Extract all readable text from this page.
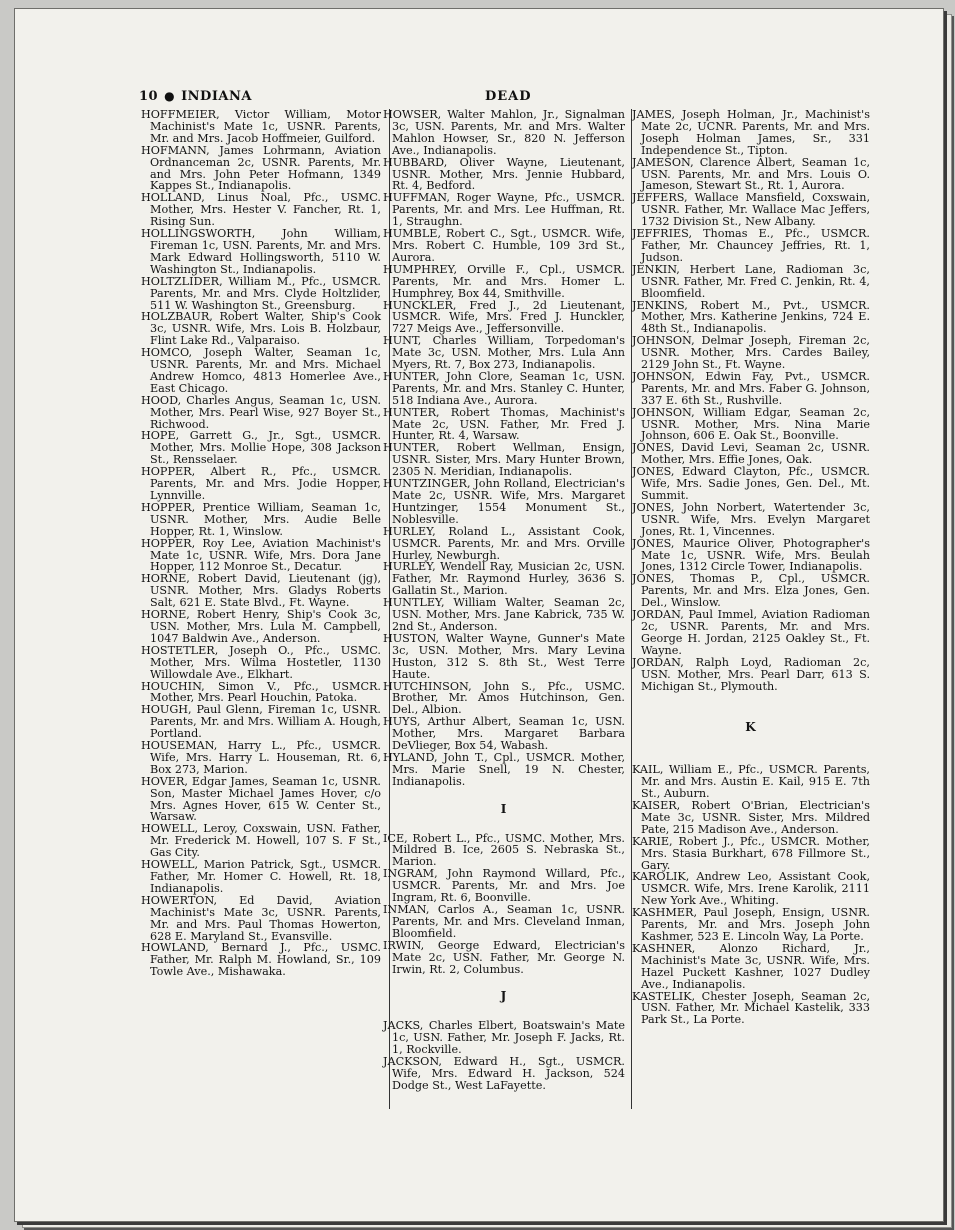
10 ● INDIANA	DEAD

HOFFMEIER, Victor William, Motor Machinist's Mate 1c, USNR. Parents, Mr. and Mrs. Jacob Hoffmeier, Guilford.

HOFMANN, James Lohrmann, Aviation Ordnanceman 2c, USNR. Parents, Mr. and Mrs. John Peter Hofmann, 1349 Kappes St., Indianapolis.

HOLLAND, Linus Noal, Pfc., USMC. Mother, Mrs. Hester V. Fancher, Rt. 1, Rising Sun.

HOLLINGSWORTH, John William, Fireman 1c, USN. Parents, Mr. and Mrs. Mark Edward Hollingsworth, 5110 W. Washington St., Indianapolis.

HOLTZLIDER, William M., Pfc., USMCR. Parents, Mr. and Mrs. Clyde Holtzlider, 511 W. Washington St., Greensburg.

HOLZBAUR, Robert Walter, Ship's Cook 3c, USNR. Wife, Mrs. Lois B. Holzbaur, Flint Lake Rd., Valparaiso.

HOMCO, Joseph Walter, Seaman 1c, USNR. Parents, Mr. and Mrs. Michael Andrew Homco, 4813 Homerlee Ave., East Chicago.

HOOD, Charles Angus, Seaman 1c, USN. Mother, Mrs. Pearl Wise, 927 Boyer St., Richwood.

HOPE, Garrett G., Jr., Sgt., USMCR. Mother, Mrs. Mollie Hope, 308 Jackson St., Rensselaer.

HOPPER, Albert R., Pfc., USMCR. Parents, Mr. and Mrs. Jodie Hopper, Lynnville.

HOPPER, Prentice William, Seaman 1c, USNR. Mother, Mrs. Audie Belle Hopper, Rt. 1, Winslow.

HOPPER, Roy Lee, Aviation Machinist's Mate 1c, USNR. Wife, Mrs. Dora Jane Hopper, 112 Monroe St., Decatur.

HORNE, Robert David, Lieutenant (jg), USNR. Mother, Mrs. Gladys Roberts Salt, 621 E. State Blvd., Ft. Wayne.

HORNE, Robert Henry, Ship's Cook 3c, USN. Mother, Mrs. Lula M. Campbell, 1047 Baldwin Ave., Anderson.

HOSTETLER, Joseph O., Pfc., USMC. Mother, Mrs. Wilma Hostetler, 1130 Willowdale Ave., Elkhart.

HOUCHIN, Simon V., Pfc., USMCR. Mother, Mrs. Pearl Houchin, Patoka.

HOUGH, Paul Glenn, Fireman 1c, USNR. Parents, Mr. and Mrs. William A. Hough, Portland.

HOUSEMAN, Harry L., Pfc., USMCR. Wife, Mrs. Harry L. Houseman, Rt. 6, Box 273, Marion.

HOVER, Edgar James, Seaman 1c, USNR. Son, Master Michael James Hover, c/o Mrs. Agnes Hover, 615 W. Center St., Warsaw.

HOWELL, Leroy, Coxswain, USN. Father, Mr. Frederick M. Howell, 107 S. F St., Gas City.

HOWELL, Marion Patrick, Sgt., USMCR. Father, Mr. Homer C. Howell, Rt. 18, Indianapolis.

HOWERTON, Ed David, Aviation Machinist's Mate 3c, USNR. Parents, Mr. and Mrs. Paul Thomas Howerton, 628 E. Maryland St., Evansville.

HOWLAND, Bernard J., Pfc., USMC. Father, Mr. Ralph M. Howland, Sr., 109 Towle Ave., Mishawaka.

HOWSER, Walter Mahlon, Jr., Signalman 3c, USN. Parents, Mr. and Mrs. Walter Mahlon Howser, Sr., 820 N. Jefferson Ave., Indianapolis.

HUBBARD, Oliver Wayne, Lieutenant, USNR. Mother, Mrs. Jennie Hubbard, Rt. 4, Bedford.

HUFFMAN, Roger Wayne, Pfc., USMCR. Parents, Mr. and Mrs. Lee Huffman, Rt. 1, Straughn.

HUMBLE, Robert C., Sgt., USMCR. Wife, Mrs. Robert C. Humble, 109 3rd St., Aurora.

HUMPHREY, Orville F., Cpl., USMCR. Parents, Mr. and Mrs. Homer L. Humphrey, Box 44, Smithville.

HUNCKLER, Fred J., 2d Lieutenant, USMCR. Wife, Mrs. Fred J. Hunckler, 727 Meigs Ave., Jeffersonville.

HUNT, Charles William, Torpedoman's Mate 3c, USN. Mother, Mrs. Lula Ann Myers, Rt. 7, Box 273, Indianapolis.

HUNTER, John Clore, Seaman 1c, USN. Parents, Mr. and Mrs. Stanley C. Hunter, 518 Indiana Ave., Aurora.

HUNTER, Robert Thomas, Machinist's Mate 2c, USN. Father, Mr. Fred J. Hunter, Rt. 4, Warsaw.

HUNTER, Robert Wellman, Ensign, USNR. Sister, Mrs. Mary Hunter Brown, 2305 N. Meridian, Indianapolis.

HUNTZINGER, John Rolland, Electrician's Mate 2c, USNR. Wife, Mrs. Margaret Huntzinger, 1554 Monument St., Noblesville.

HURLEY, Roland L., Assistant Cook, USMCR. Parents, Mr. and Mrs. Orville Hurley, Newburgh.

HURLEY, Wendell Ray, Musician 2c, USN. Father, Mr. Raymond Hurley, 3636 S. Gallatin St., Marion.

HUNTLEY, William Walter, Seaman 2c, USN. Mother, Mrs. Jane Kabrick, 735 W. 2nd St., Anderson.

HUSTON, Walter Wayne, Gunner's Mate 3c, USN. Mother, Mrs. Mary Levina Huston, 312 S. 8th St., West Terre Haute.

HUTCHINSON, John S., Pfc., USMC. Brother, Mr. Amos Hutchinson, Gen. Del., Albion.

HUYS, Arthur Albert, Seaman 1c, USN. Mother, Mrs. Margaret Barbara DeVlieger, Box 54, Wabash.

HYLAND, John T., Cpl., USMCR. Mother, Mrs. Marie Snell, 19 N. Chester, Indianapolis.

I

ICE, Robert L., Pfc., USMC. Mother, Mrs. Mildred B. Ice, 2605 S. Nebraska St., Marion.

INGRAM, John Raymond Willard, Pfc., USMCR. Parents, Mr. and Mrs. Joe Ingram, Rt. 6, Boonville.

INMAN, Carlos A., Seaman 1c, USNR. Parents, Mr. and Mrs. Cleveland Inman, Bloomfield.

IRWIN, George Edward, Electrician's Mate 2c, USN. Father, Mr. George N. Irwin, Rt. 2, Columbus.

J

JACKS, Charles Elbert, Boatswain's Mate 1c, USN. Father, Mr. Joseph F. Jacks, Rt. 1, Rockville.

JACKSON, Edward H., Sgt., USMCR. Wife, Mrs. Edward H. Jackson, 524 Dodge St., West LaFayette.

JAMES, Joseph Holman, Jr., Machinist's Mate 2c, UCNR. Parents, Mr. and Mrs. Joseph Holman James, Sr., 331 Independence St., Tipton.

JAMESON, Clarence Albert, Seaman 1c, USN. Parents, Mr. and Mrs. Louis O. Jameson, Stewart St., Rt. 1, Aurora.

JEFFERS, Wallace Mansfield, Coxswain, USNR. Father, Mr. Wallace Mac Jeffers, 1732 Division St., New Albany.

JEFFRIES, Thomas E., Pfc., USMCR. Father, Mr. Chauncey Jeffries, Rt. 1, Judson.

JENKIN, Herbert Lane, Radioman 3c, USNR. Father, Mr. Fred C. Jenkin, Rt. 4, Bloomfield.

JENKINS, Robert M., Pvt., USMCR. Mother, Mrs. Katherine Jenkins, 724 E. 48th St., Indianapolis.

JOHNSON, Delmar Joseph, Fireman 2c, USNR. Mother, Mrs. Cardes Bailey, 2129 John St., Ft. Wayne.

JOHNSON, Edwin Fay, Pvt., USMCR. Parents, Mr. and Mrs. Faber G. Johnson, 337 E. 6th St., Rushville.

JOHNSON, William Edgar, Seaman 2c, USNR. Mother, Mrs. Nina Marie Johnson, 606 E. Oak St., Boonville.

JONES, David Levi, Seaman 2c, USNR. Mother, Mrs. Effie Jones, Oak.

JONES, Edward Clayton, Pfc., USMCR. Wife, Mrs. Sadie Jones, Gen. Del., Mt. Summit.

JONES, John Norbert, Watertender 3c, USNR. Wife, Mrs. Evelyn Margaret Jones, Rt. 1, Vincennes.

JONES, Maurice Oliver, Photographer's Mate 1c, USNR. Wife, Mrs. Beulah Jones, 1312 Circle Tower, Indianapolis.

JONES, Thomas P., Cpl., USMCR. Parents, Mr. and Mrs. Elza Jones, Gen. Del., Winslow.

JORDAN, Paul Immel, Aviation Radioman 2c, USNR. Parents, Mr. and Mrs. George H. Jordan, 2125 Oakley St., Ft. Wayne.

JORDAN, Ralph Loyd, Radioman 2c, USN. Mother, Mrs. Pearl Darr, 613 S. Michigan St., Plymouth.

K

KAIL, William E., Pfc., USMCR. Parents, Mr. and Mrs. Austin E. Kail, 915 E. 7th St., Auburn.

KAISER, Robert O'Brian, Electrician's Mate 3c, USNR. Sister, Mrs. Mildred Pate, 215 Madison Ave., Anderson.

KARIE, Robert J., Pfc., USMCR. Mother, Mrs. Stasia Burkhart, 678 Fillmore St., Gary.

KAROLIK, Andrew Leo, Assistant Cook, USMCR. Wife, Mrs. Irene Karolik, 2111 New York Ave., Whiting.

KASHMER, Paul Joseph, Ensign, USNR. Parents, Mr. and Mrs. Joseph John Kashmer, 523 E. Lincoln Way, La Porte.

KASHNER, Alonzo Richard, Jr., Machinist's Mate 3c, USNR. Wife, Mrs. Hazel Puckett Kashner, 1027 Dudley Ave., Indianapolis.

KASTELIK, Chester Joseph, Seaman 2c, USN. Father, Mr. Michael Kastelik, 333 Park St., La Porte.
